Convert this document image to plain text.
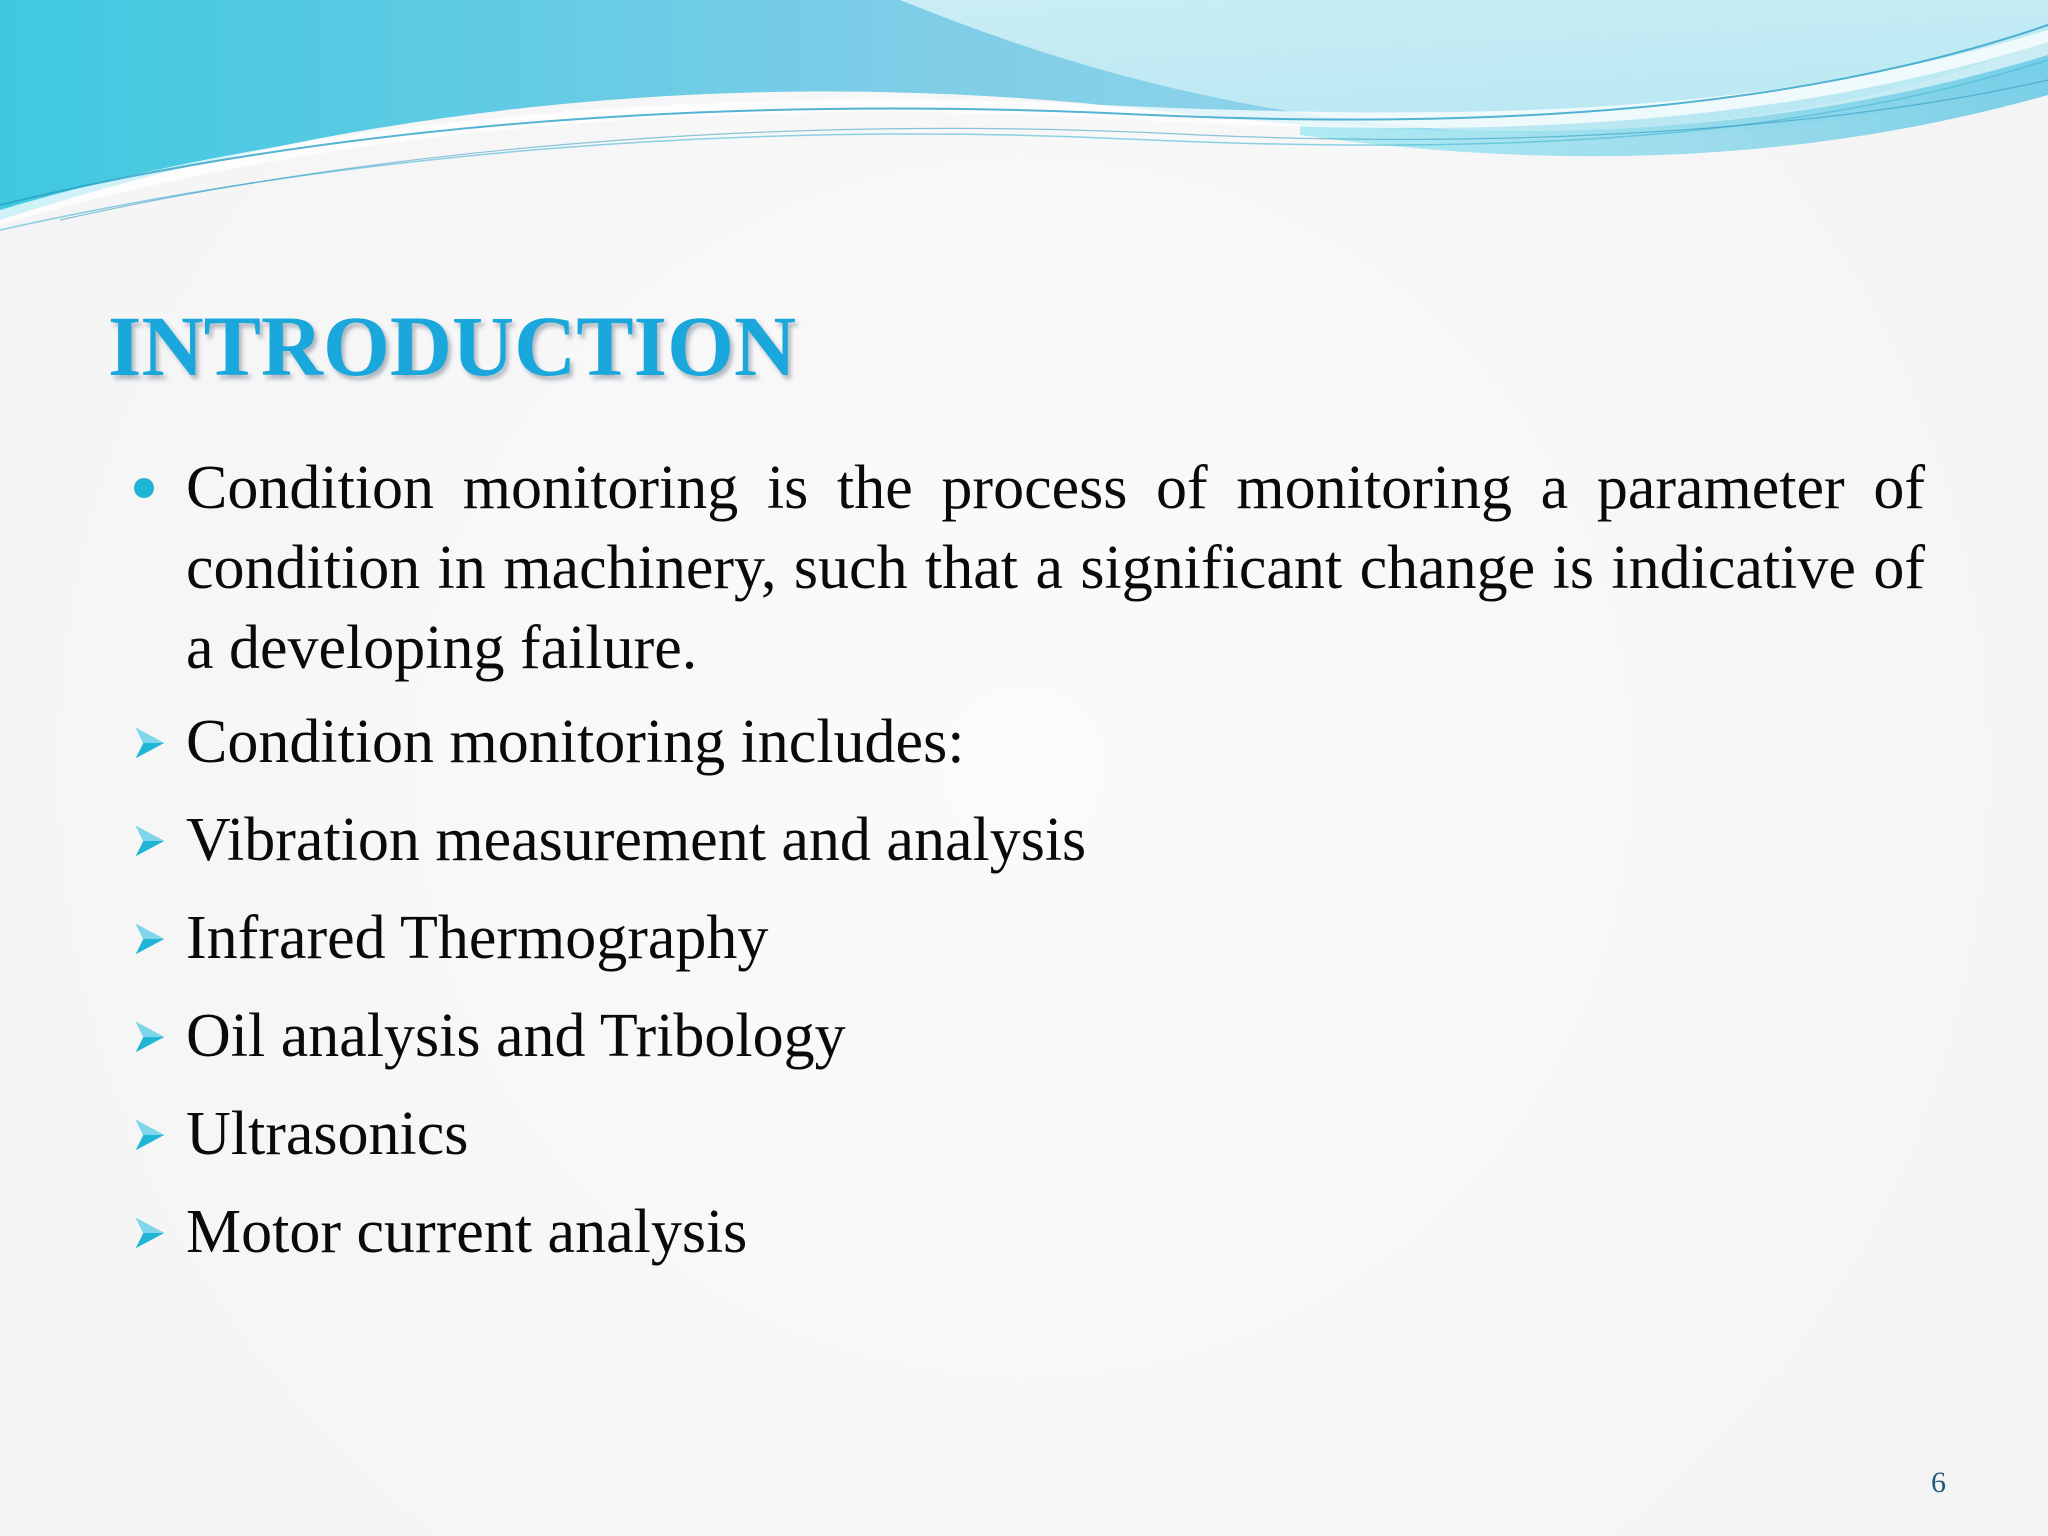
INTRODUCTION
Condition monitoring is the process of monitoring a parameter of condition in machinery, such that a significant change is indicative of a developing failure.
Condition monitoring includes:
Vibration measurement and analysis
Infrared Thermography
Oil analysis and Tribology
Ultrasonics
Motor current analysis
6
